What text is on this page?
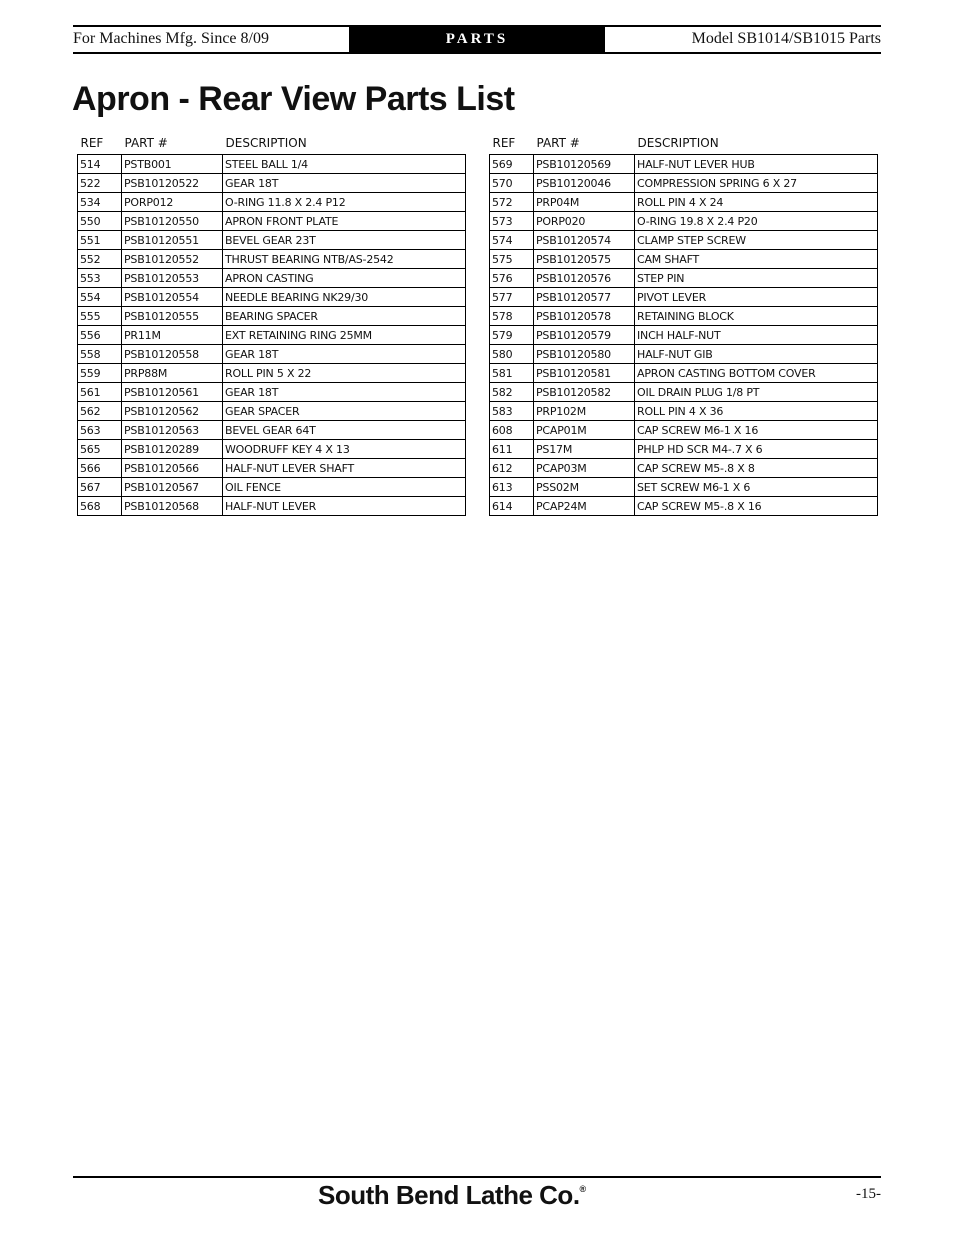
For Machines Mfg. Since 8/09	PARTS	Model SB1014/SB1015 Parts
Apron - Rear View Parts List
REF	PART #	DESCRIPTION
514	PSTB001	STEEL BALL 1/4
522	PSB10120522	GEAR 18T
534	PORP012	O-RING 11.8 X 2.4 P12
550	PSB10120550	APRON FRONT PLATE
551	PSB10120551	BEVEL GEAR 23T
552	PSB10120552	THRUST BEARING NTB/AS-2542
553	PSB10120553	APRON CASTING
554	PSB10120554	NEEDLE BEARING NK29/30
555	PSB10120555	BEARING SPACER
556	PR11M	EXT RETAINING RING 25MM
558	PSB10120558	GEAR 18T
559	PRP88M	ROLL PIN 5 X 22
561	PSB10120561	GEAR 18T
562	PSB10120562	GEAR SPACER
563	PSB10120563	BEVEL GEAR 64T
565	PSB10120289	WOODRUFF KEY 4 X 13
566	PSB10120566	HALF-NUT LEVER SHAFT
567	PSB10120567	OIL FENCE
568	PSB10120568	HALF-NUT LEVER
REF	PART #	DESCRIPTION
569	PSB10120569	HALF-NUT LEVER HUB
570	PSB10120046	COMPRESSION SPRING 6 X 27
572	PRP04M	ROLL PIN 4 X 24
573	PORP020	O-RING 19.8 X 2.4 P20
574	PSB10120574	CLAMP STEP SCREW
575	PSB10120575	CAM SHAFT
576	PSB10120576	STEP PIN
577	PSB10120577	PIVOT LEVER
578	PSB10120578	RETAINING BLOCK
579	PSB10120579	INCH HALF-NUT
580	PSB10120580	HALF-NUT GIB
581	PSB10120581	APRON CASTING BOTTOM COVER
582	PSB10120582	OIL DRAIN PLUG 1/8 PT
583	PRP102M	ROLL PIN 4 X 36
608	PCAP01M	CAP SCREW M6-1 X 16
611	PS17M	PHLP HD SCR M4-.7 X 6
612	PCAP03M	CAP SCREW M5-.8 X 8
613	PSS02M	SET SCREW M6-1 X 6
614	PCAP24M	CAP SCREW M5-.8 X 16
South Bend Lathe Co.®	-15-
